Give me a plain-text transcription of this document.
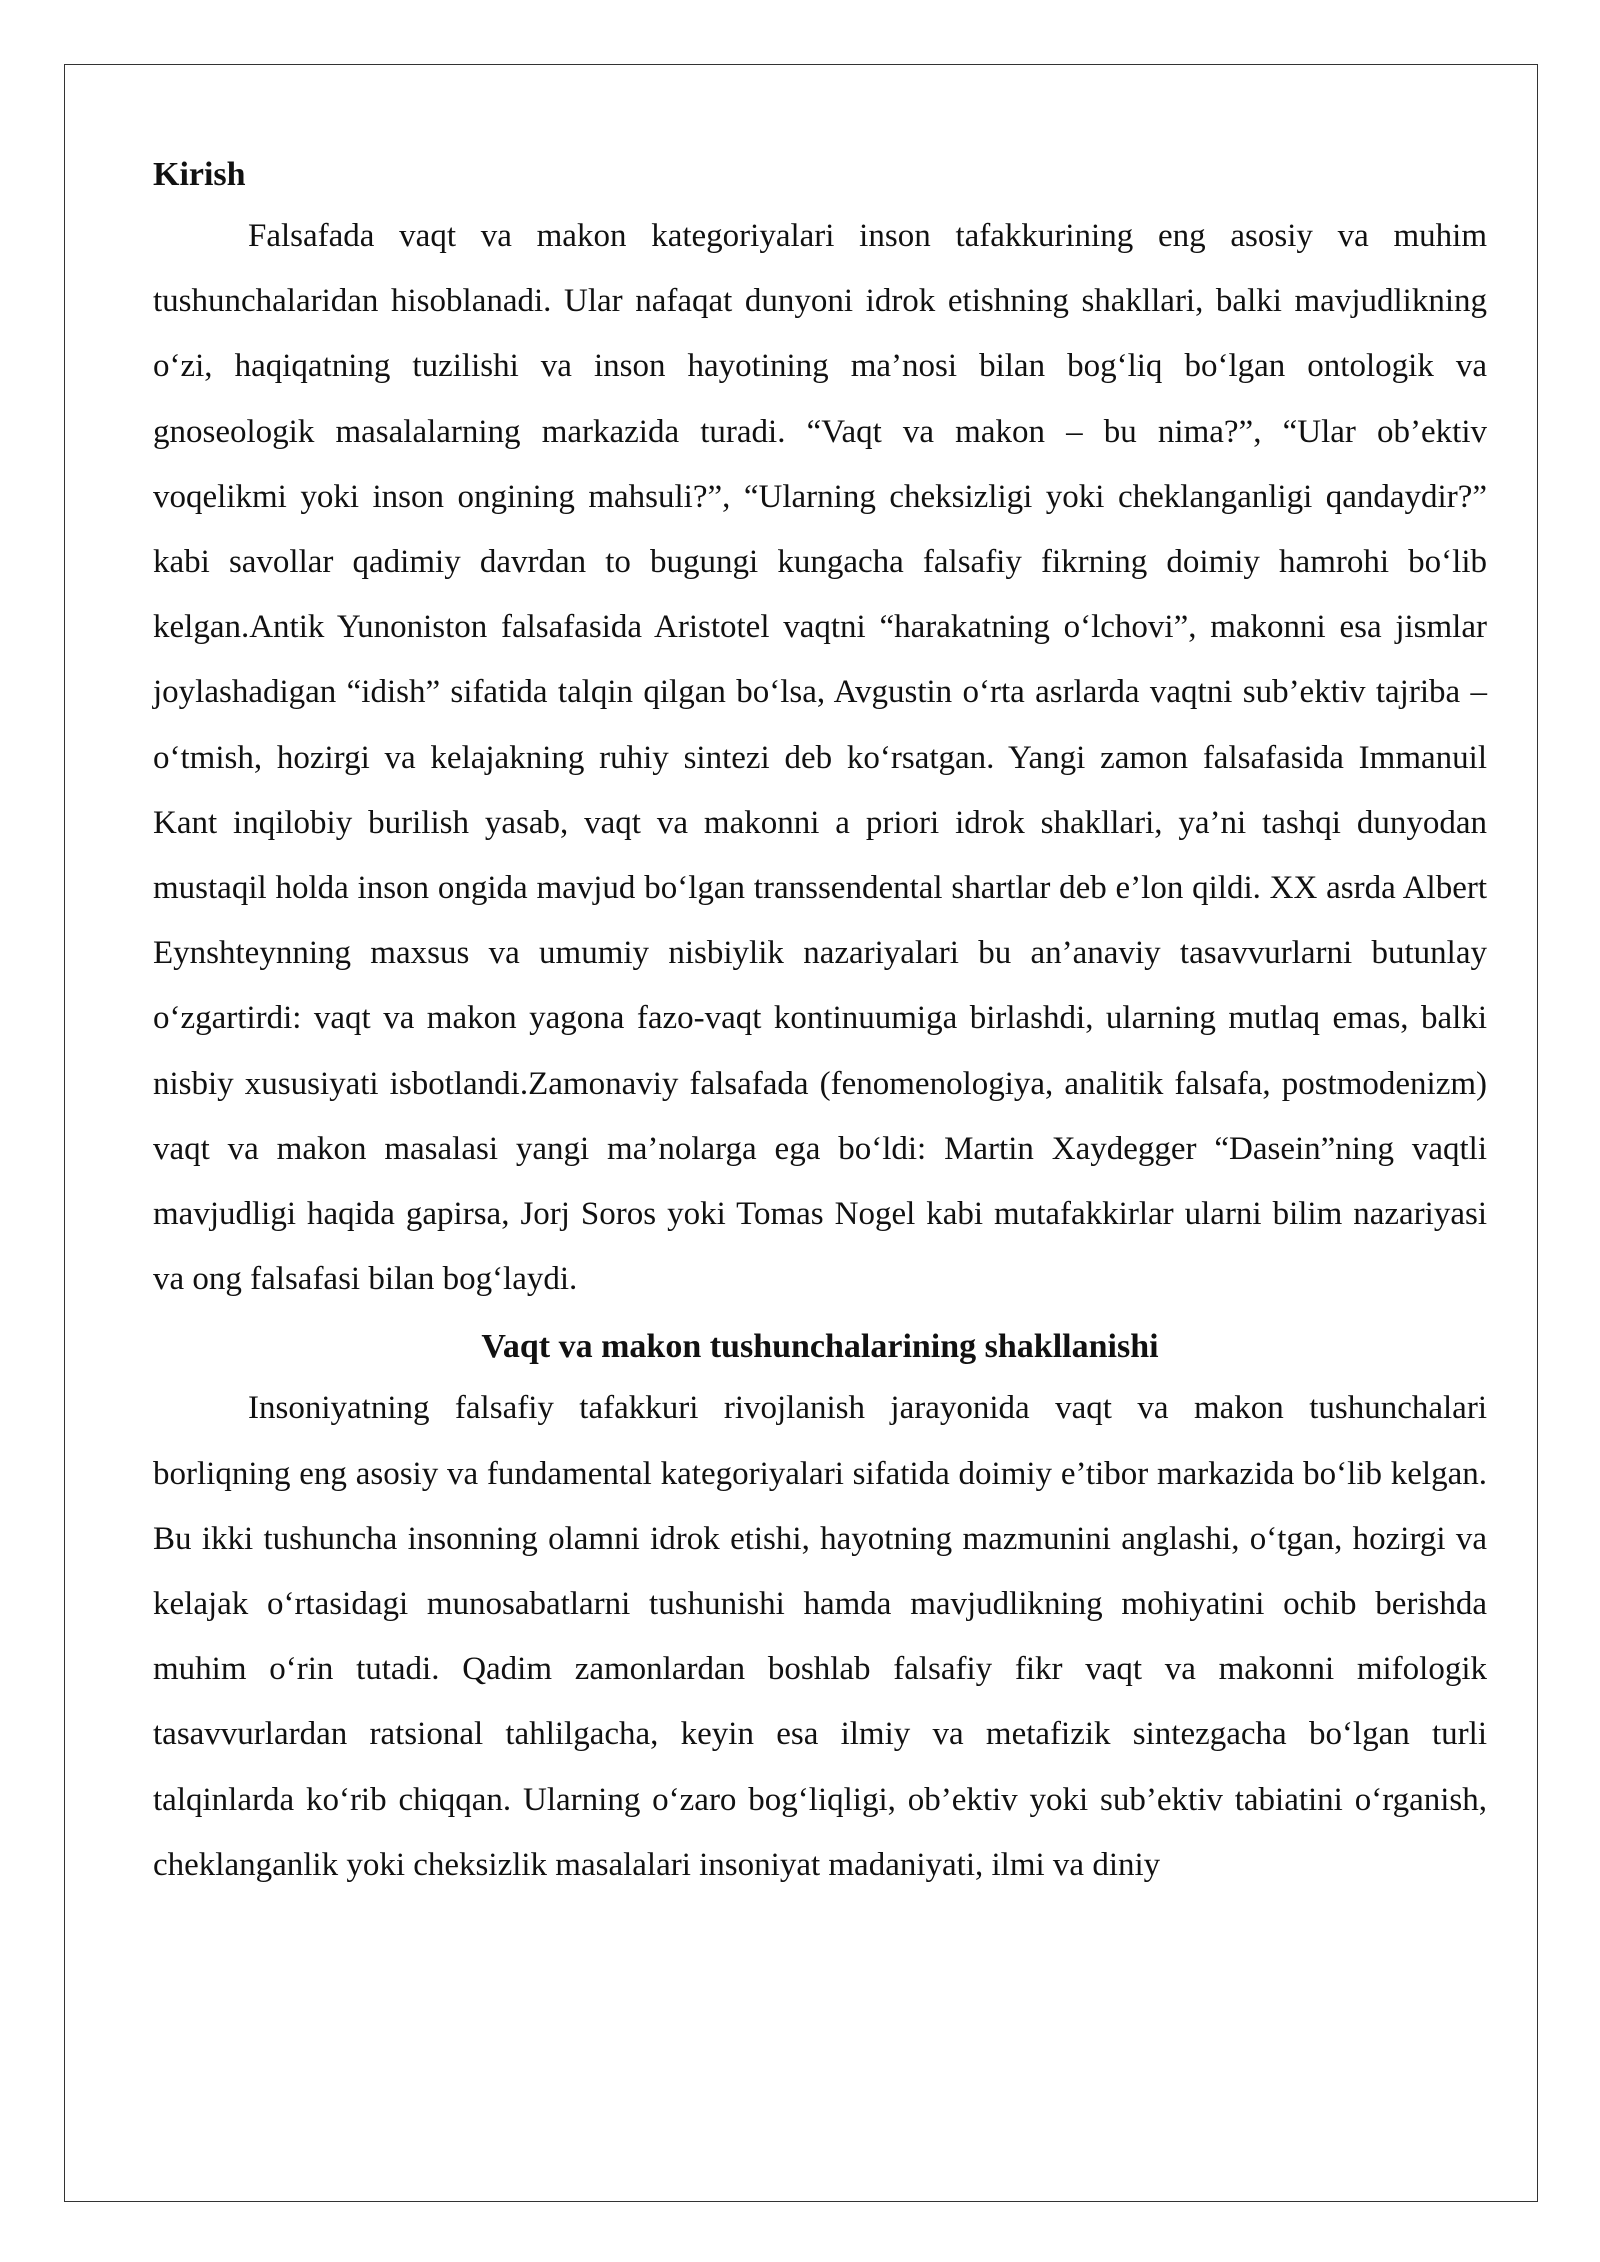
Kirish

Falsafada vaqt va makon kategoriyalari inson tafakkurining eng asosiy va muhim tushunchalaridan hisoblanadi. Ular nafaqat dunyoni idrok etishning shakllari, balki mavjudlikning o‘zi, haqiqatning tuzilishi va inson hayotining ma’nosi bilan bog‘liq bo‘lgan ontologik va gnoseologik masalalarning markazida turadi. “Vaqt va makon – bu nima?”, “Ular ob’ektiv voqelikmi yoki inson ongining mahsuli?”, “Ularning cheksizligi yoki cheklanganligi qandaydir?” kabi savollar qadimiy davrdan to bugungi kungacha falsafiy fikrning doimiy hamrohi bo‘lib kelgan.Antik Yunoniston falsafasida Aristotel vaqtni “harakatning o‘lchovi”, makonni esa jismlar joylashadigan “idish” sifatida talqin qilgan bo‘lsa, Avgustin o‘rta asrlarda vaqtni sub’ektiv tajriba – o‘tmish, hozirgi va kelajakning ruhiy sintezi deb ko‘rsatgan. Yangi zamon falsafasida Immanuil Kant inqilobiy burilish yasab, vaqt va makonni a priori idrok shakllari, ya’ni tashqi dunyodan mustaqil holda inson ongida mavjud bo‘lgan transsendental shartlar deb e’lon qildi. XX asrda Albert Eynshteynning maxsus va umumiy nisbiylik nazariyalari bu an’anaviy tasavvurlarni butunlay o‘zgartirdi: vaqt va makon yagona fazo-vaqt kontinuumiga birlashdi, ularning mutlaq emas, balki nisbiy xususiyati isbotlandi.Zamonaviy falsafada (fenomenologiya, analitik falsafa, postmodenizm) vaqt va makon masalasi yangi ma’nolarga ega bo‘ldi: Martin Xaydegger “Dasein”ning vaqtli mavjudligi haqida gapirsa, Jorj Soros yoki Tomas Nogel kabi mutafakkirlar ularni bilim nazariyasi va ong falsafasi bilan bog‘laydi.

Vaqt va makon tushunchalarining shakllanishi

Insoniyatning falsafiy tafakkuri rivojlanish jarayonida vaqt va makon tushunchalari borliqning eng asosiy va fundamental kategoriyalari sifatida doimiy e’tibor markazida bo‘lib kelgan. Bu ikki tushuncha insonning olamni idrok etishi, hayotning mazmunini anglashi, o‘tgan, hozirgi va kelajak o‘rtasidagi munosabatlarni tushunishi hamda mavjudlikning mohiyatini ochib berishda muhim o‘rin tutadi. Qadim zamonlardan boshlab falsafiy fikr vaqt va makonni mifologik tasavvurlardan ratsional tahlilgacha, keyin esa ilmiy va metafizik sintezgacha bo‘lgan turli talqinlarda ko‘rib chiqqan. Ularning o‘zaro bog‘liqligi, ob’ektiv yoki sub’ektiv tabiatini o‘rganish, cheklanganlik yoki cheksizlik masalalari insoniyat madaniyati, ilmi va diniy
